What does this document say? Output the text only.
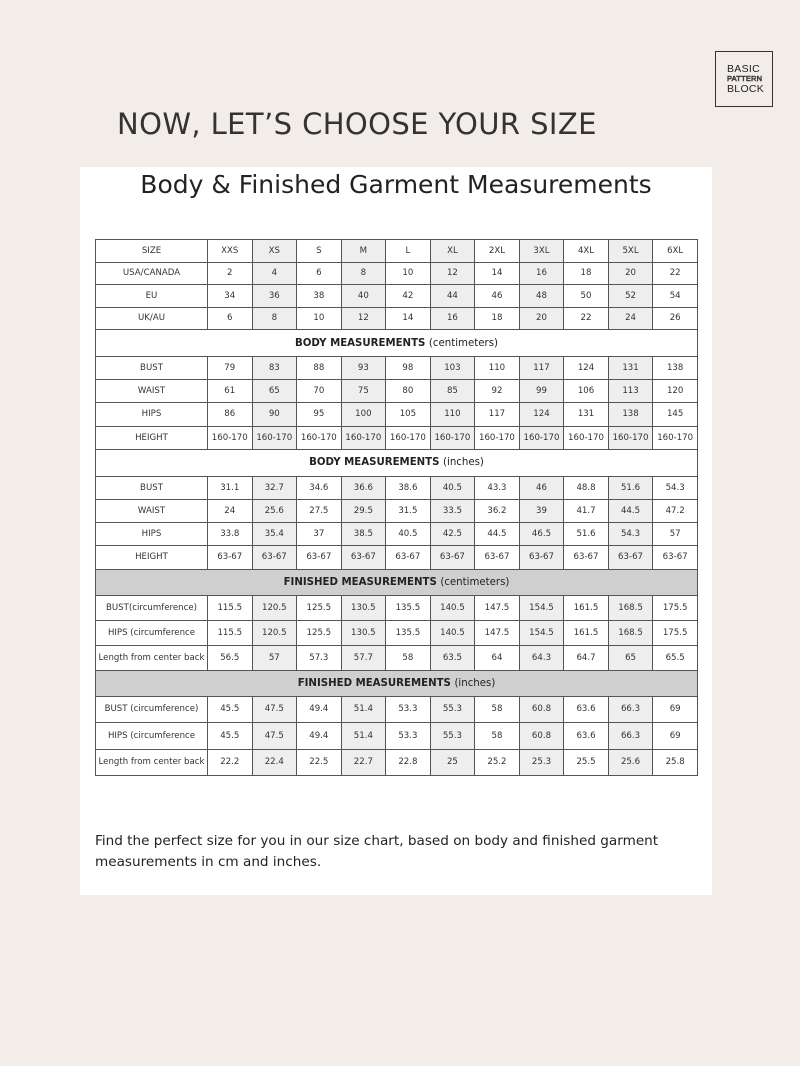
BASIC
PATTERN
BLOCK
NOW, LET’S CHOOSE YOUR SIZE
Body & Finished Garment Measurements
SIZE	XXS	XS	S	M	L	XL	2XL	3XL	4XL	5XL	6XL
USA/CANADA	2	4	6	8	10	12	14	16	18	20	22
EU	34	36	38	40	42	44	46	48	50	52	54
UK/AU	6	8	10	12	14	16	18	20	22	24	26
BODY MEASUREMENTS (centimeters)											
BUST	79	83	88	93	98	103	110	117	124	131	138
WAIST	61	65	70	75	80	85	92	99	106	113	120
HIPS	86	90	95	100	105	110	117	124	131	138	145
HEIGHT	160-170	160-170	160-170	160-170	160-170	160-170	160-170	160-170	160-170	160-170	160-170
BODY MEASUREMENTS (inches)											
BUST	31.1	32.7	34.6	36.6	38.6	40.5	43.3	46	48.8	51.6	54.3
WAIST	24	25.6	27.5	29.5	31.5	33.5	36.2	39	41.7	44.5	47.2
HIPS	33.8	35.4	37	38.5	40.5	42.5	44.5	46.5	51.6	54.3	57
HEIGHT	63-67	63-67	63-67	63-67	63-67	63-67	63-67	63-67	63-67	63-67	63-67
FINISHED MEASUREMENTS (centimeters)											
BUST(circumference)	115.5	120.5	125.5	130.5	135.5	140.5	147.5	154.5	161.5	168.5	175.5
HIPS (circumference	115.5	120.5	125.5	130.5	135.5	140.5	147.5	154.5	161.5	168.5	175.5
Length from center back	56.5	57	57.3	57.7	58	63.5	64	64.3	64.7	65	65.5
FINISHED MEASUREMENTS (inches)											
BUST (circumference)	45.5	47.5	49.4	51.4	53.3	55.3	58	60.8	63.6	66.3	69
HIPS (circumference	45.5	47.5	49.4	51.4	53.3	55.3	58	60.8	63.6	66.3	69
Length from center back	22.2	22.4	22.5	22.7	22.8	25	25.2	25.3	25.5	25.6	25.8
Find the perfect size for you in our size chart, based on body and finished garment measurements in cm and inches.
